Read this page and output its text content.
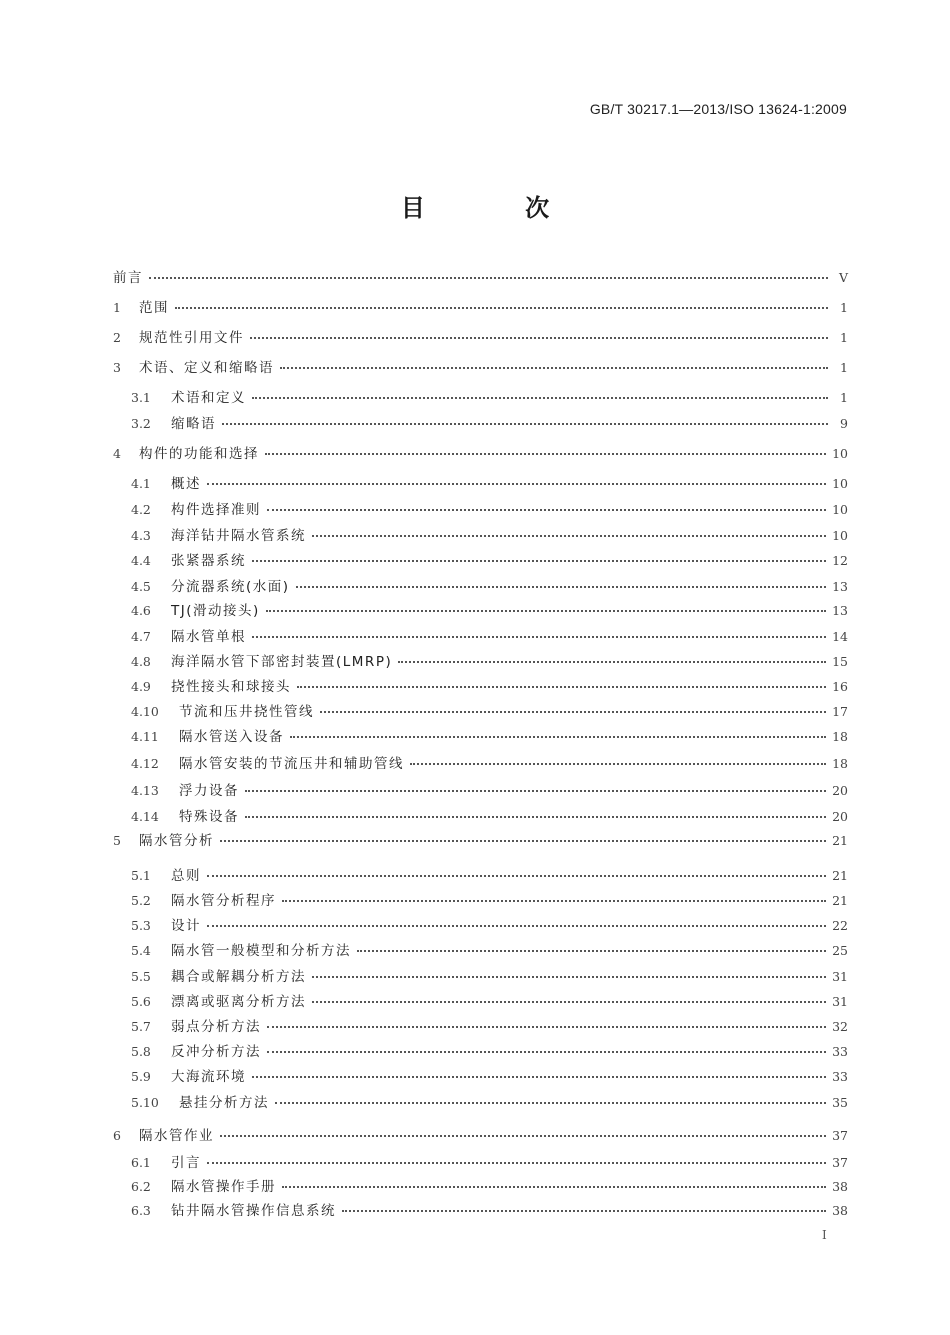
GB/T 30217.1—2013/ISO 13624-1:2009
目 次
前言	V
1	范围	1
2	规范性引用文件	1
3	术语、定义和缩略语	1
3.1	术语和定义	1
3.2	缩略语	9
4	构件的功能和选择	10
4.1	概述	10
4.2	构件选择准则	10
4.3	海洋钻井隔水管系统	10
4.4	张紧器系统	12
4.5	分流器系统(水面)	13
4.6	TJ(滑动接头)	13
4.7	隔水管单根	14
4.8	海洋隔水管下部密封装置(LMRP)	15
4.9	挠性接头和球接头	16
4.10	节流和压井挠性管线	17
4.11	隔水管送入设备	18
4.12	隔水管安装的节流压井和辅助管线	18
4.13	浮力设备	20
4.14	特殊设备	20
5	隔水管分析	21
5.1	总则	21
5.2	隔水管分析程序	21
5.3	设计	22
5.4	隔水管一般模型和分析方法	25
5.5	耦合或解耦分析方法	31
5.6	漂离或驱离分析方法	31
5.7	弱点分析方法	32
5.8	反冲分析方法	33
5.9	大海流环境	33
5.10	悬挂分析方法	35
6	隔水管作业	37
6.1	引言	37
6.2	隔水管操作手册	38
6.3	钻井隔水管操作信息系统	38
I
